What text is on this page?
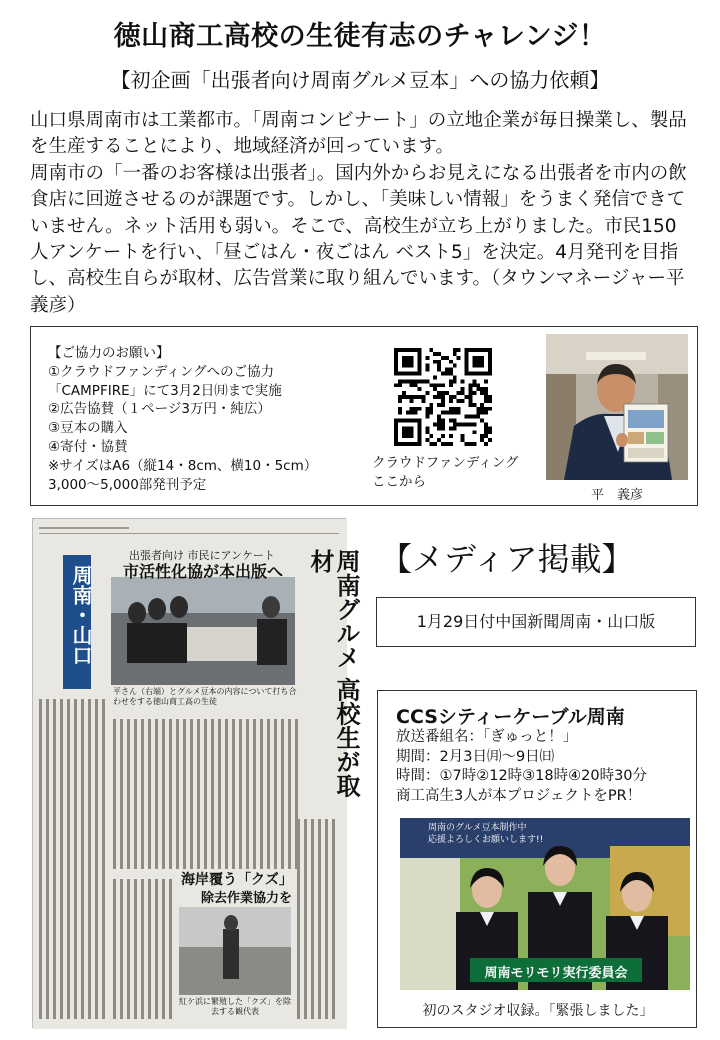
徳山商工高校の生徒有志のチャレンジ！
【初企画「出張者向け周南グルメ豆本」への協力依頼】

山口県周南市は工業都市。「周南コンビナート」の立地企業が毎日操業し、製品を生産することにより、地域経済が回っています。

周南市の「一番のお客様は出張者」。国内外からお見えになる出張者を市内の飲食店に回遊させるのが課題です。しかし、「美味しい情報」をうまく発信できていません。ネット活用も弱い。そこで、高校生が立ち上がりました。市民150人アンケートを行い、「昼ごはん・夜ごはん ベスト5」を決定。4月発刊を目指し、高校生自らが取材、広告営業に取り組んでいます。（タウンマネージャー平義彦）

【ご協力のお願い】
①クラウドファンディングへのご協力
「CAMPFIRE」にて3月2日㈪まで実施
②広告協賛（１ページ3万円・純広）
③豆本の購入
④寄付・協賛
※サイズはA6（縦14・8cm、横10・5cm）
3,000～5,000部発刊予定
クラウドファンディング
ここから
平　義彦
周南・山口
出張者向け 市民にアンケート
市活性化協が本出版へ	周南グルメ 高校生が取材
平さん（右端）とグルメ豆本の内容について打ち合わせをする徳山商工高の生徒
海岸覆う「クズ」
除去作業協力を
紅ケ浜に繁殖した「クズ」を除去する観代表
【メディア掲載】
1月29日付中国新聞周南・山口版
CCSシティーケーブル周南
放送番組名：「ぎゅっと！」
期間：2月3日㈪～9日㈰
時間：①7時②12時③18時④20時30分
商工高生3人が本プロジェクトをPR！
周南のグルメ豆本制作中
応援よろしくお願いします!!
周南モリモリ実行委員会
初のスタジオ収録。「緊張しました」
